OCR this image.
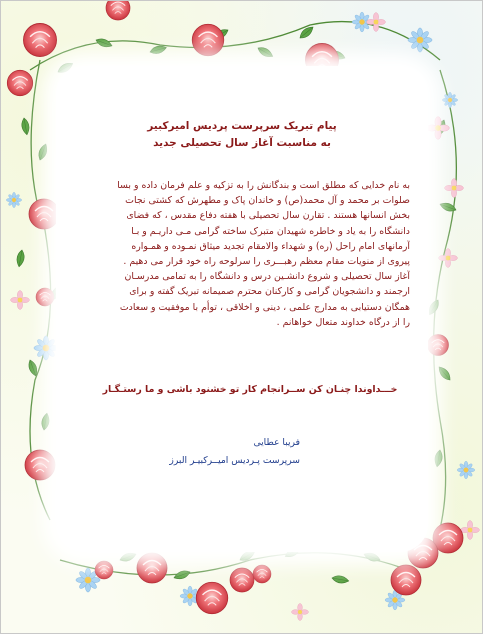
پیام تبریک سرپرست پردیس امیرکبیر
به مناسبت آغاز سال تحصیلی جدید
به نام خدایی که مطلق است و بندگانش را به تزکیه و علم فرمان داده و بسا
صلوات بر محمد و آل محمد(ص) و خاندان پاک و مطهرش که کشتی نجات
بخش انسانها هستند . تقارن سال تحصیلی با هفته دفاع مقدس ، که فضای
دانشگاه را به یاد و خاطره شهیدان متبرک ساخته گرامی مـی داریـم و بـا
آرمانهای امام راحل (ره) و شهداء والامقام تجدید میثاق نمـوده و همـواره
پیروی از منویات مقام معظم رهبـــری را سرلوحه راه خود قرار می دهیم .
آغاز سال تحصیلی و شروع دانشـین درس و دانشگاه را به تمامی مدرسـان
ارجمند و دانشجویان گرامی و کارکنان محترم صمیمانه تبریک گفته و برای
همگان دستیابی به مدارج علمی ، دینی و اخلاقی ، توأم با موفقیت و سعادت
را از درگاه خداوند متعال خواهانم .
خـــداوندا چنـان کن ســرانجام کار تو خشنود باشی و ما رستـگـار
فریبا عطایی
سرپرست پـردیس امیــرکبیـر البرز
